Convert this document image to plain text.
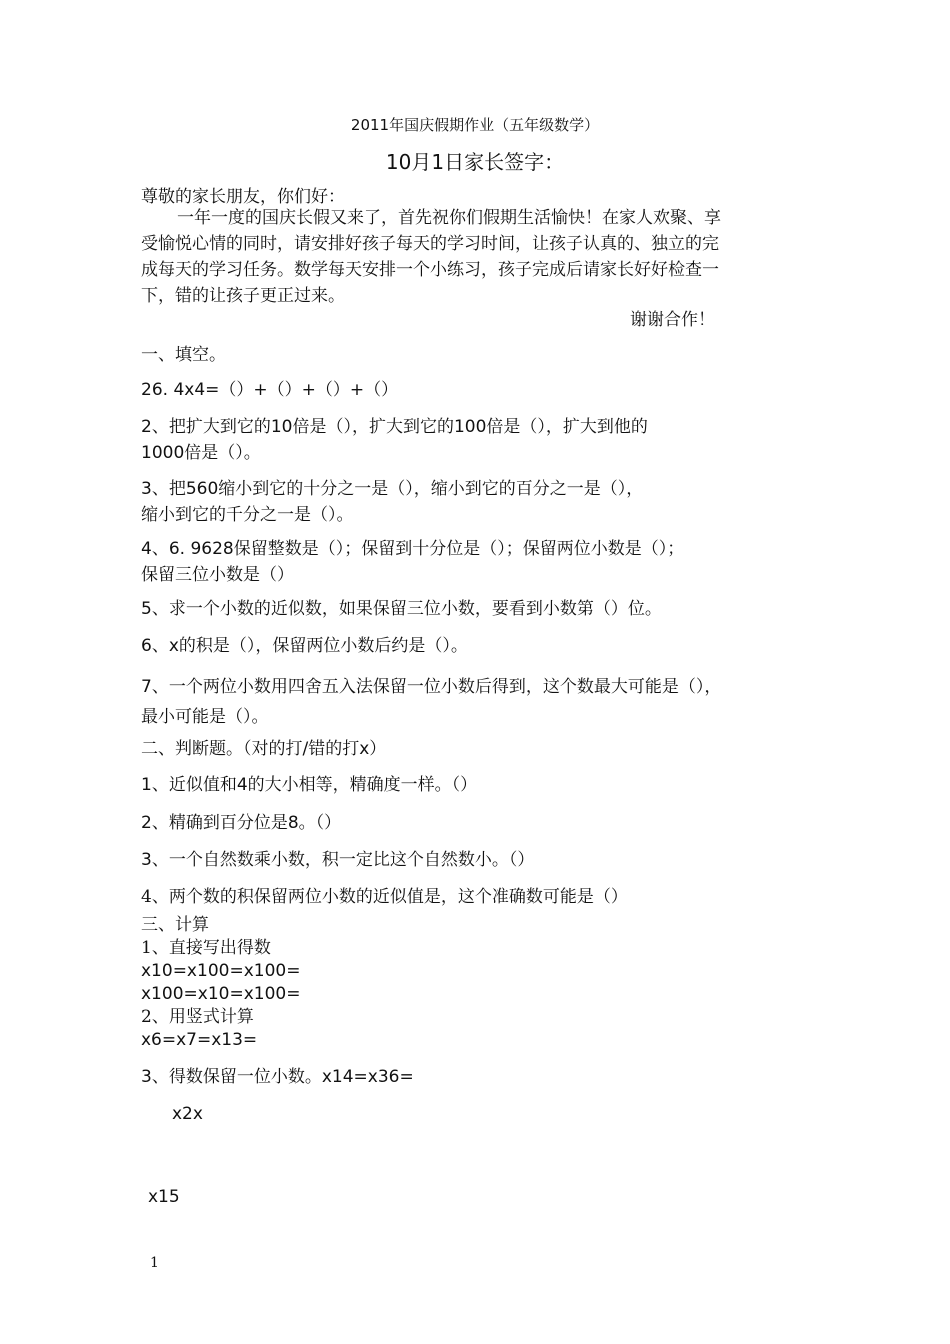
2011年国庆假期作业（五年级数学）
10月1日家长签字：
尊敬的家长朋友，你们好：
一年一度的国庆长假又来了，首先祝你们假期生活愉快！在家人欢聚、享
受愉悦心情的同时，请安排好孩子每天的学习时间，让孩子认真的、独立的完
成每天的学习任务。数学每天安排一个小练习，孩子完成后请家长好好检查一
下，错的让孩子更正过来。
谢谢合作！
一、填空。
26. 4x4=（）+（）+（）+（）
2、把扩大到它的10倍是（），扩大到它的100倍是（），扩大到他的
1000倍是（）。
3、把560缩小到它的十分之一是（），缩小到它的百分之一是（），
缩小到它的千分之一是（）。
4、6. 9628保留整数是（）；保留到十分位是（）；保留两位小数是（）；
保留三位小数是（）
5、求一个小数的近似数，如果保留三位小数，要看到小数第（）位。
6、x的积是（），保留两位小数后约是（）。
7、一个两位小数用四舍五入法保留一位小数后得到，这个数最大可能是（），
最小可能是（）。
二、判断题。（对的打/错的打x）
1、近似值和4的大小相等，精确度一样。（）
2、精确到百分位是8。（）
3、一个自然数乘小数，积一定比这个自然数小。（）
4、两个数的积保留两位小数的近似值是，这个准确数可能是（）
三、计算
1、直接写出得数
x10=x100=x100=
x100=x10=x100=
2、用竖式计算
x6=x7=x13=
3、得数保留一位小数。x14=x36=
x2x
x15
1
